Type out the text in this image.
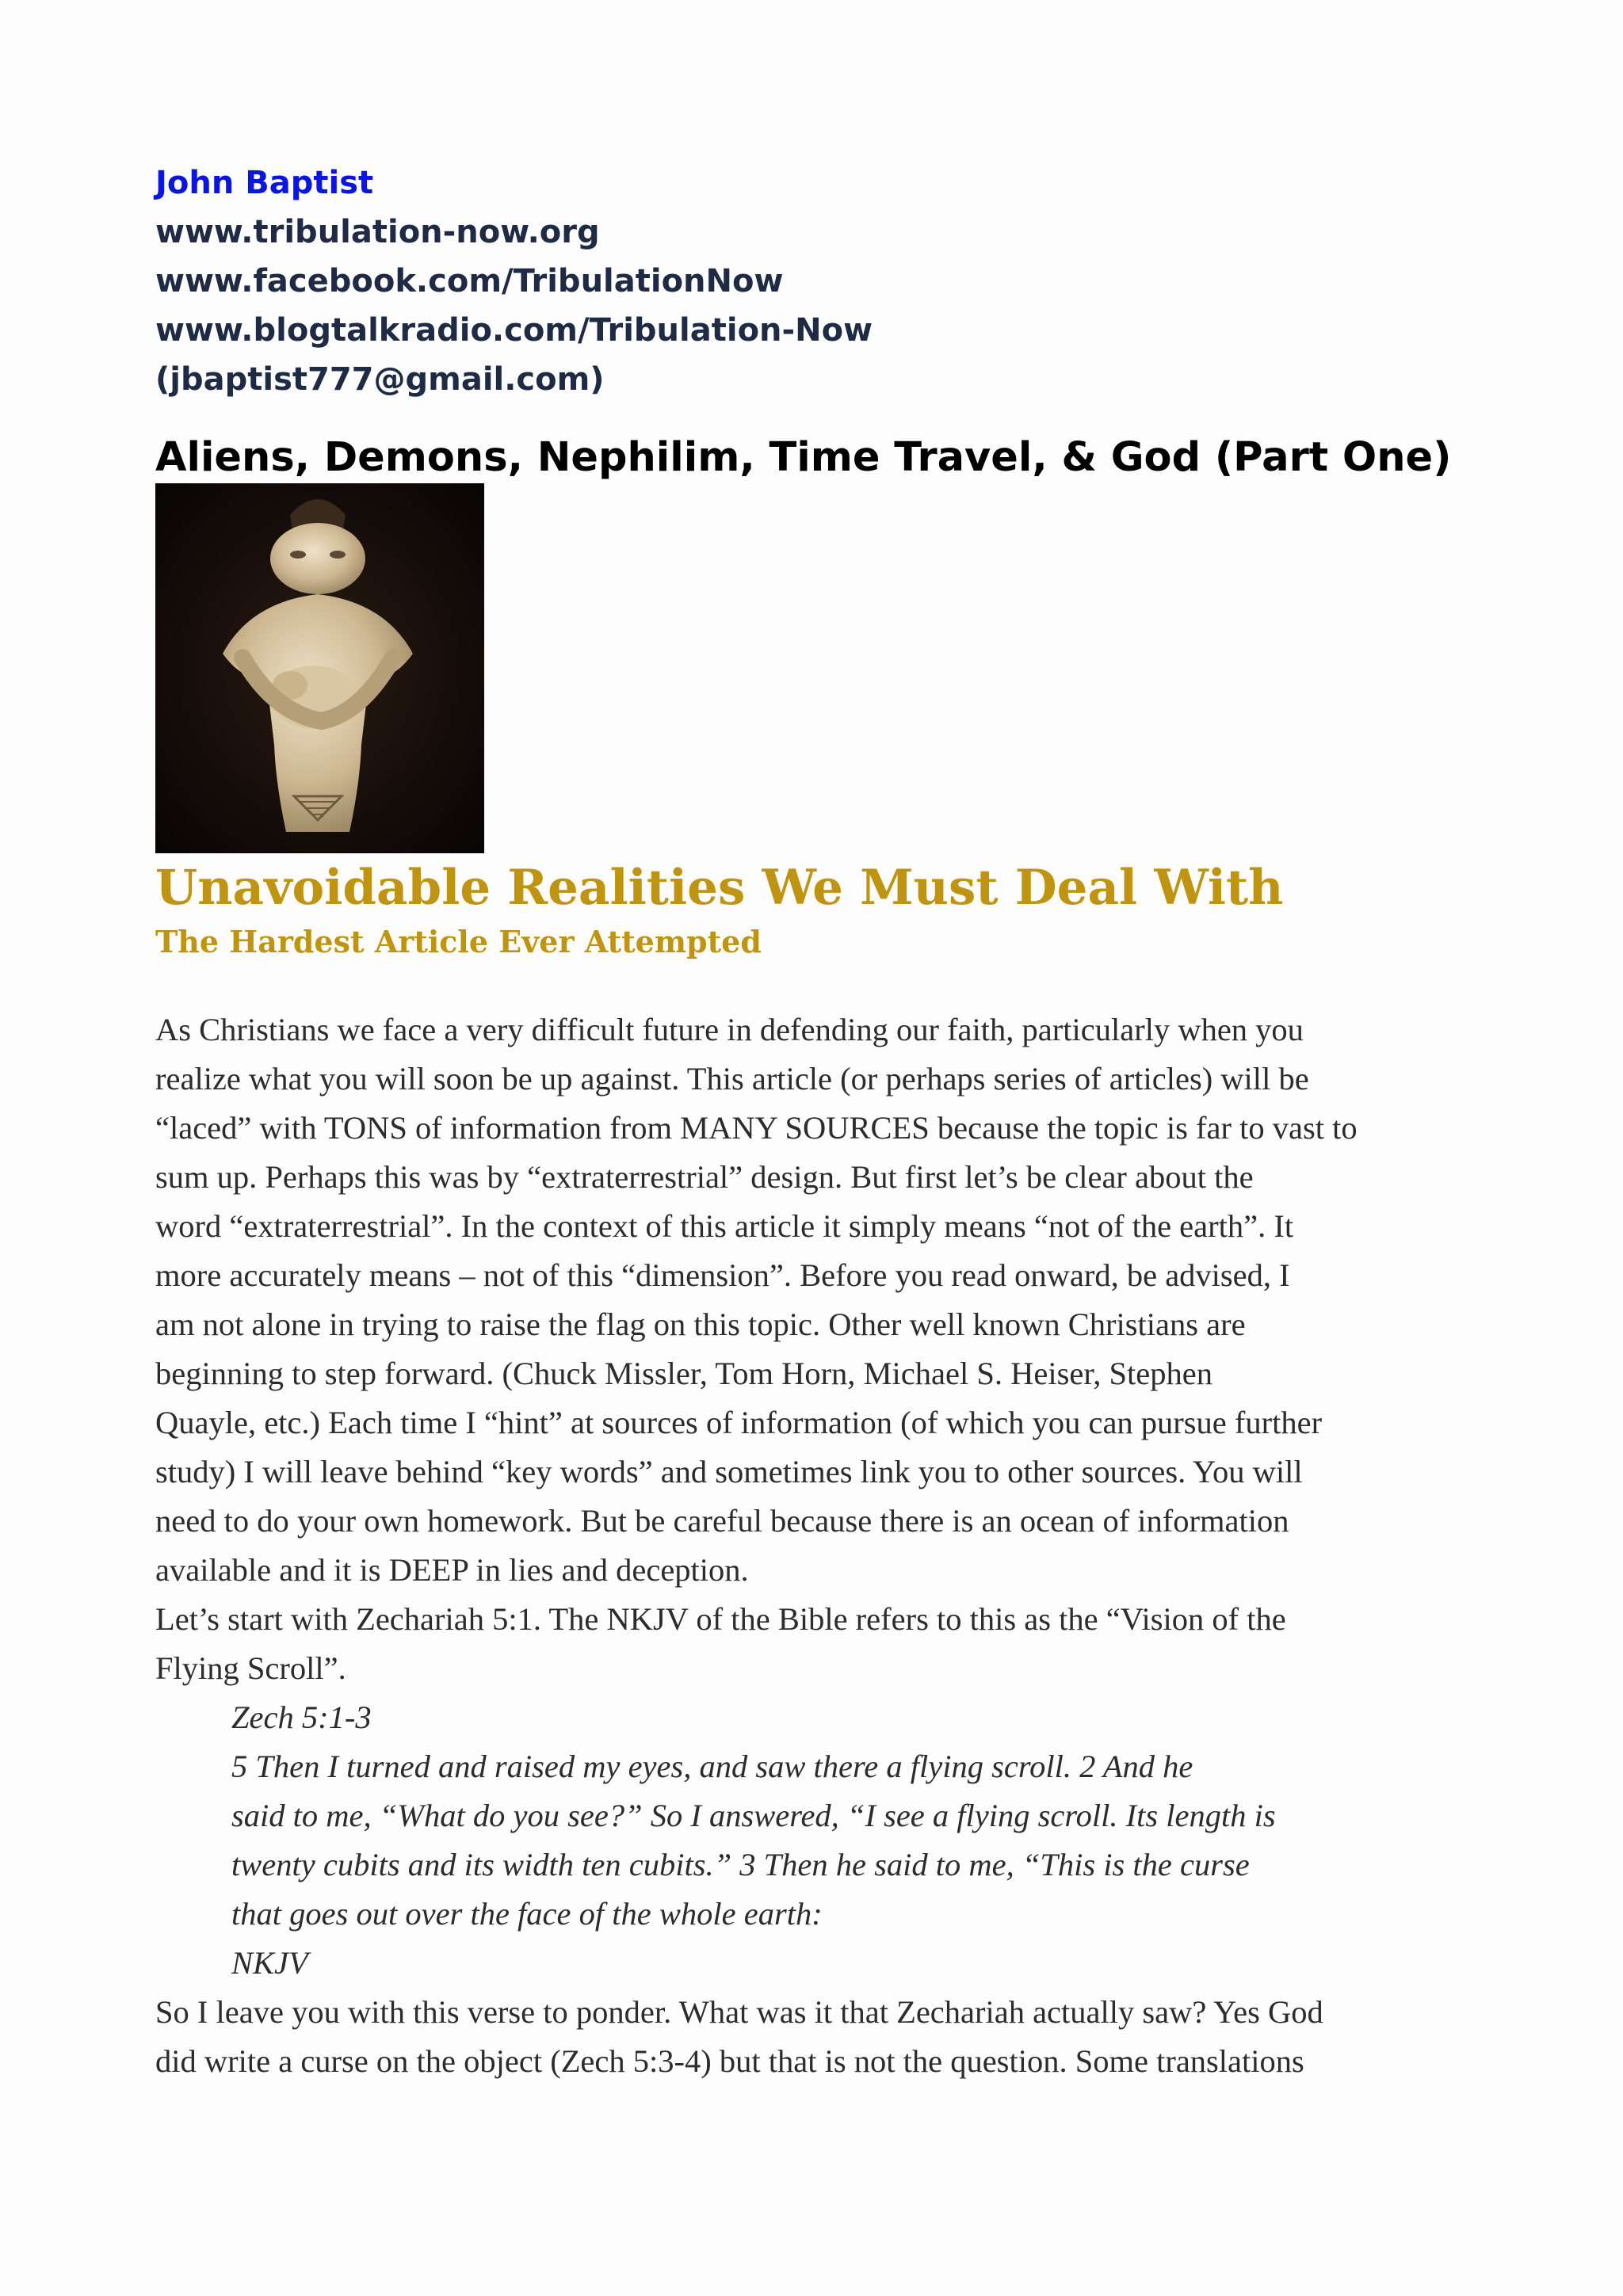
John Baptist

www.tribulation-now.org

www.facebook.com/TribulationNow

www.blogtalkradio.com/Tribulation-Now

(jbaptist777@gmail.com)

Aliens, Demons, Nephilim, Time Travel, & God (Part One)

Unavoidable Realities We Must Deal With

The Hardest Article Ever Attempted

As Christians we face a very difficult future in defending our faith, particularly when you

realize what you will soon be up against. This article (or perhaps series of articles) will be

“laced” with TONS of information from MANY SOURCES because the topic is far to vast to

sum up. Perhaps this was by “extraterrestrial” design. But first let’s be clear about the

word “extraterrestrial”. In the context of this article it simply means “not of the earth”. It

more accurately means – not of this “dimension”. Before you read onward, be advised, I

am not alone in trying to raise the flag on this topic. Other well known Christians are

beginning to step forward. (Chuck Missler, Tom Horn, Michael S. Heiser, Stephen

Quayle, etc.) Each time I “hint” at sources of information (of which you can pursue further

study) I will leave behind “key words” and sometimes link you to other sources. You will

need to do your own homework. But be careful because there is an ocean of information

available and it is DEEP in lies and deception.

Let’s start with Zechariah 5:1. The NKJV of the Bible refers to this as the “Vision of the

Flying Scroll”.

Zech 5:1-3

5 Then I turned and raised my eyes, and saw there a flying scroll. 2 And he

said to me, “What do you see?” So I answered, “I see a flying scroll. Its length is

twenty cubits and its width ten cubits.” 3 Then he said to me, “This is the curse

that goes out over the face of the whole earth:

NKJV

So I leave you with this verse to ponder. What was it that Zechariah actually saw? Yes God

did write a curse on the object (Zech 5:3-4) but that is not the question. Some translations
